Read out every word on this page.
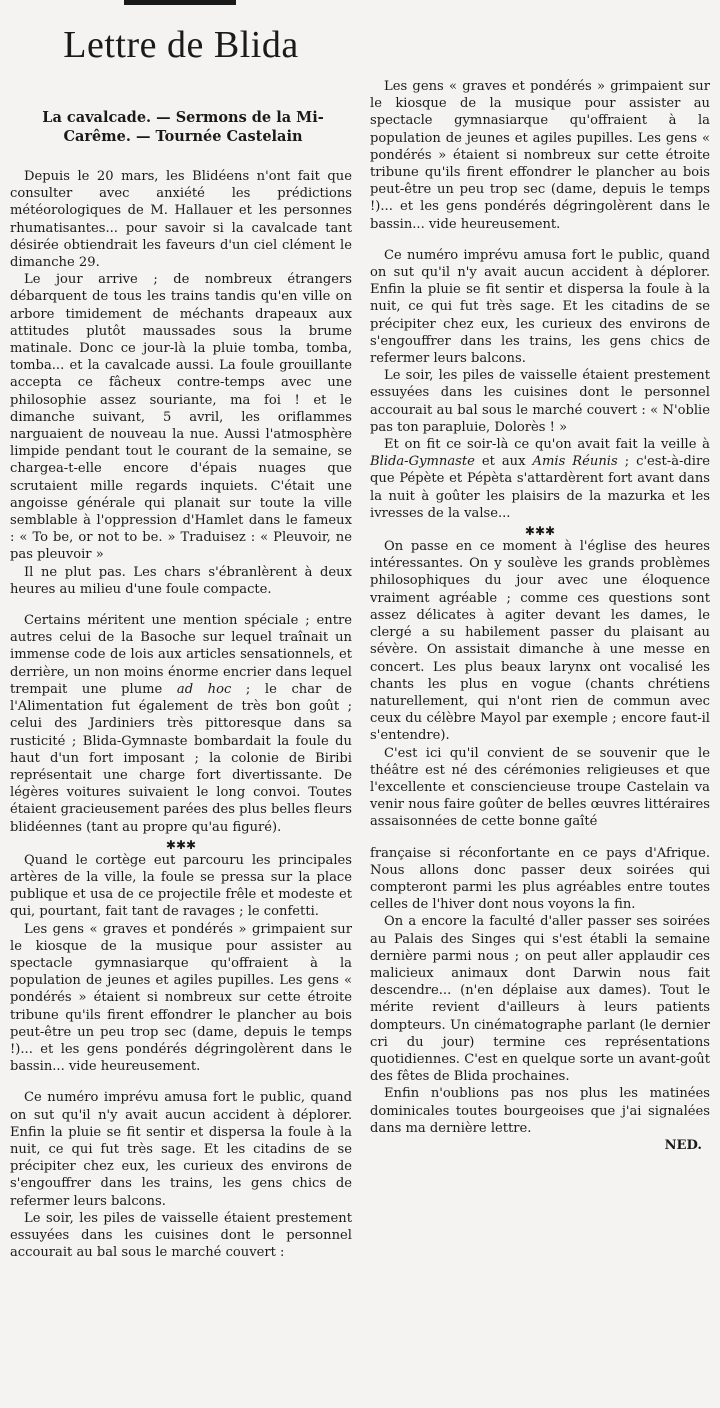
Lettre de Blida
La cavalcade. — Sermons de la Mi-Carême. — Tournée Castelain

Depuis le 20 mars, les Blidéens n'ont fait que consulter avec anxiété les prédictions météorologiques de M. Hallauer et les personnes rhumatisantes... pour savoir si la cavalcade tant désirée obtiendrait les faveurs d'un ciel clément le dimanche 29.

Le jour arrive ; de nombreux étrangers débarquent de tous les trains tandis qu'en ville on arbore timidement de méchants drapeaux aux attitudes plutôt maussades sous la brume matinale. Donc ce jour-là la pluie tomba, tomba, tomba... et la cavalcade aussi. La foule grouillante accepta ce fâcheux contre-temps avec une philosophie assez souriante, ma foi ! et le dimanche suivant, 5 avril, les oriflammes narguaient de nouveau la nue. Aussi l'atmosphère limpide pendant tout le courant de la semaine, se chargea-t-elle encore d'épais nuages que scrutaient mille regards inquiets. C'était une angoisse générale qui planait sur toute la ville semblable à l'oppression d'Hamlet dans le fameux : « To be, or not to be. » Traduisez : « Pleuvoir, ne pas pleuvoir »

Il ne plut pas. Les chars s'ébranlèrent à deux heures au milieu d'une foule compacte.

Certains méritent une mention spéciale ; entre autres celui de la Basoche sur lequel traînait un immense code de lois aux articles sensationnels, et derrière, un non moins énorme encrier dans lequel trempait une plume ad hoc ; le char de l'Alimentation fut également de très bon goût ; celui des Jardiniers très pittoresque dans sa rusticité ; Blida-Gymnaste bombardait la foule du haut d'un fort imposant ; la colonie de Biribi représentait une charge fort divertissante. De légères voitures suivaient le long convoi. Toutes étaient gracieusement parées des plus belles fleurs blidéennes (tant au propre qu'au figuré).

✱✱✱

Quand le cortège eut parcouru les principales artères de la ville, la foule se pressa sur la place publique et usa de ce projectile frêle et modeste et qui, pourtant, fait tant de ravages ; le confetti.

Les gens « graves et pondérés » grimpaient sur le kiosque de la musique pour assister au spectacle gymnasiarque qu'offraient à la population de jeunes et agiles pupilles. Les gens « pondérés » étaient si nombreux sur cette étroite tribune qu'ils firent effondrer le plancher au bois peut-être un peu trop sec (dame, depuis le temps !)... et les gens pondérés dégringolèrent dans le bassin... vide heureusement.

Ce numéro imprévu amusa fort le public, quand on sut qu'il n'y avait aucun accident à déplorer. Enfin la pluie se fit sentir et dispersa la foule à la nuit, ce qui fut très sage. Et les citadins de se précipiter chez eux, les curieux des environs de s'engouffrer dans les trains, les gens chics de refermer leurs balcons.

Le soir, les piles de vaisselle étaient prestement essuyées dans les cuisines dont le personnel accourait au bal sous le marché couvert :

Les gens « graves et pondérés » grimpaient sur le kiosque de la musique pour assister au spectacle gymnasiarque qu'offraient à la population de jeunes et agiles pupilles. Les gens « pondérés » étaient si nombreux sur cette étroite tribune qu'ils firent effondrer le plancher au bois peut-être un peu trop sec (dame, depuis le temps !)... et les gens pondérés dégringolèrent dans le bassin... vide heureusement.

Ce numéro imprévu amusa fort le public, quand on sut qu'il n'y avait aucun accident à déplorer. Enfin la pluie se fit sentir et dispersa la foule à la nuit, ce qui fut très sage. Et les citadins de se précipiter chez eux, les curieux des environs de s'engouffrer dans les trains, les gens chics de refermer leurs balcons.

Le soir, les piles de vaisselle étaient prestement essuyées dans les cuisines dont le personnel accourait au bal sous le marché couvert : « N'oblie pas ton parapluie, Dolorès ! »

Et on fit ce soir-là ce qu'on avait fait la veille à Blida-Gymnaste et aux Amis Réunis ; c'est-à-dire que Pépète et Pépèta s'attardèrent fort avant dans la nuit à goûter les plaisirs de la mazurka et les ivresses de la valse...

✱✱✱

On passe en ce moment à l'église des heures intéressantes. On y soulève les grands problèmes philosophiques du jour avec une éloquence vraiment agréable ; comme ces questions sont assez délicates à agiter devant les dames, le clergé a su habilement passer du plaisant au sévère. On assistait dimanche à une messe en concert. Les plus beaux larynx ont vocalisé les chants les plus en vogue (chants chrétiens naturellement, qui n'ont rien de commun avec ceux du célèbre Mayol par exemple ; encore faut-il s'entendre).

C'est ici qu'il convient de se souvenir que le théâtre est né des cérémonies religieuses et que l'excellente et consciencieuse troupe Castelain va venir nous faire goûter de belles œuvres littéraires assaisonnées de cette bonne gaîté

française si réconfortante en ce pays d'Afrique. Nous allons donc passer deux soirées qui compteront parmi les plus agréables entre toutes celles de l'hiver dont nous voyons la fin.

On a encore la faculté d'aller passer ses soirées au Palais des Singes qui s'est établi la semaine dernière parmi nous ; on peut aller applaudir ces malicieux animaux dont Darwin nous fait descendre... (n'en déplaise aux dames). Tout le mérite revient d'ailleurs à leurs patients dompteurs. Un cinématographe parlant (le dernier cri du jour) termine ces représentations quotidiennes. C'est en quelque sorte un avant-goût des fêtes de Blida prochaines.

Enfin n'oublions pas nos plus les matinées dominicales toutes bourgeoises que j'ai signalées dans ma dernière lettre.

NED.
